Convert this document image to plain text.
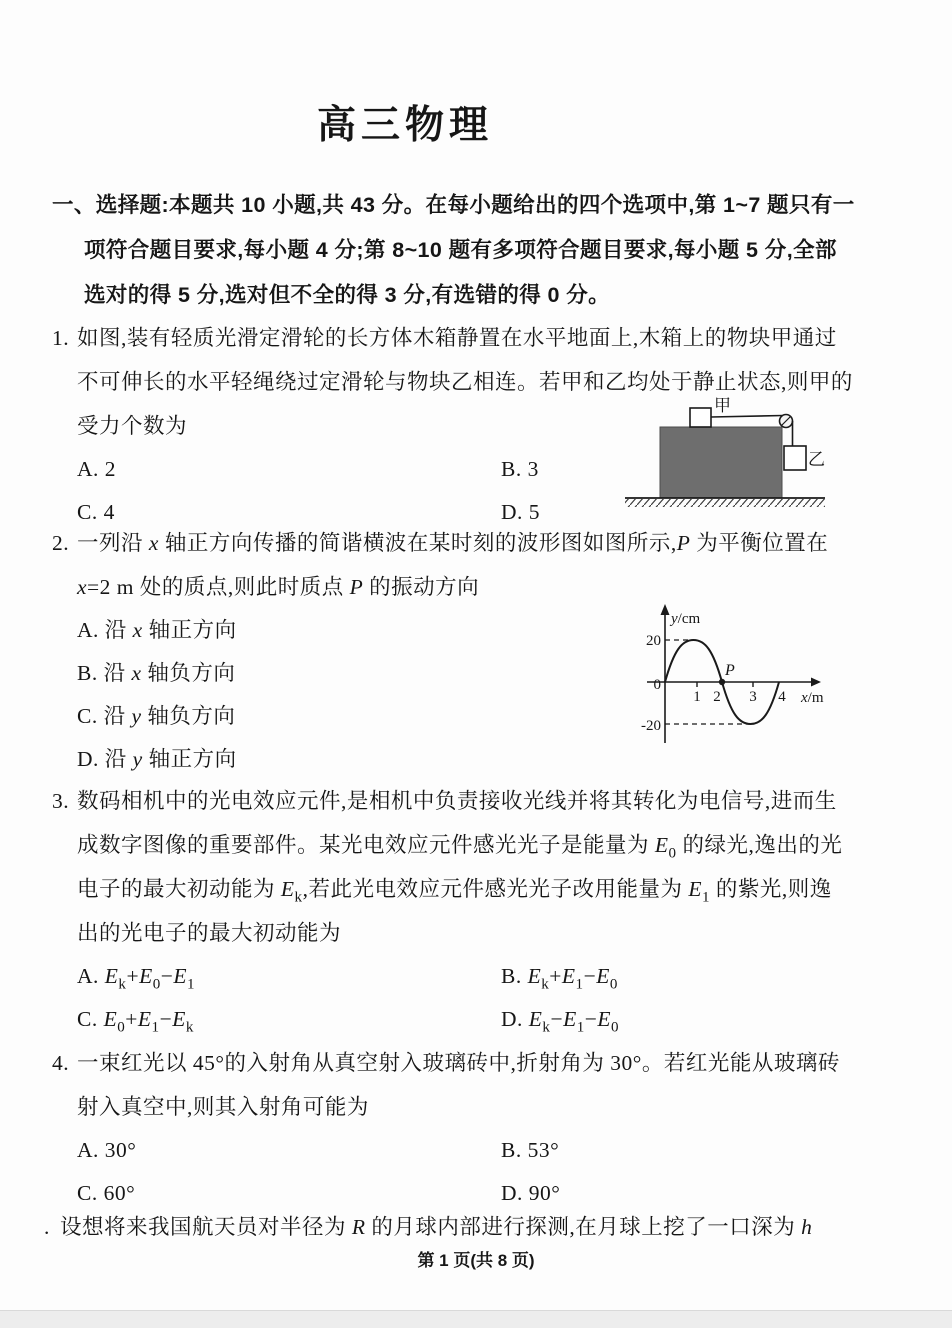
高三物理
一、选择题:本题共 10 小题,共 43 分。在每小题给出的四个选项中,第 1~7 题只有一
项符合题目要求,每小题 4 分;第 8~10 题有多项符合题目要求,每小题 5 分,全部
选对的得 5 分,选对但不全的得 3 分,有选错的得 0 分。
1. 如图,装有轻质光滑定滑轮的长方体木箱静置在水平地面上,木箱上的物块甲通过
不可伸长的水平轻绳绕过定滑轮与物块乙相连。若甲和乙均处于静止状态,则甲的
受力个数为
A. 2	B. 3
C. 4	D. 5
甲
乙
2. 一列沿 x 轴正方向传播的简谐横波在某时刻的波形图如图所示,P 为平衡位置在
x=2 m 处的质点,则此时质点 P 的振动方向
A. 沿 x 轴正方向
B. 沿 x 轴负方向
C. 沿 y 轴负方向
D. 沿 y 轴正方向
y/cm
20
0
-20
1 2 3 4 x/m
P
3. 数码相机中的光电效应元件,是相机中负责接收光线并将其转化为电信号,进而生
成数字图像的重要部件。某光电效应元件感光光子是能量为 $E_0$ 的绿光,逸出的光
电子的最大初动能为 $E_k$,若此光电效应元件感光光子改用能量为 $E_1$ 的紫光,则逸
出的光电子的最大初动能为
A. $E_k+E_0-E_1$	B. $E_k+E_1-E_0$
C. $E_0+E_1-E_k$	D. $E_k-E_1-E_0$
4. 一束红光以 45°的入射角从真空射入玻璃砖中,折射角为 30°。若红光能从玻璃砖
射入真空中,则其入射角可能为
A. 30°	B. 53°
C. 60°	D. 90°
. 设想将来我国航天员对半径为 R 的月球内部进行探测,在月球上挖了一口深为 h
第 1 页(共 8 页)
